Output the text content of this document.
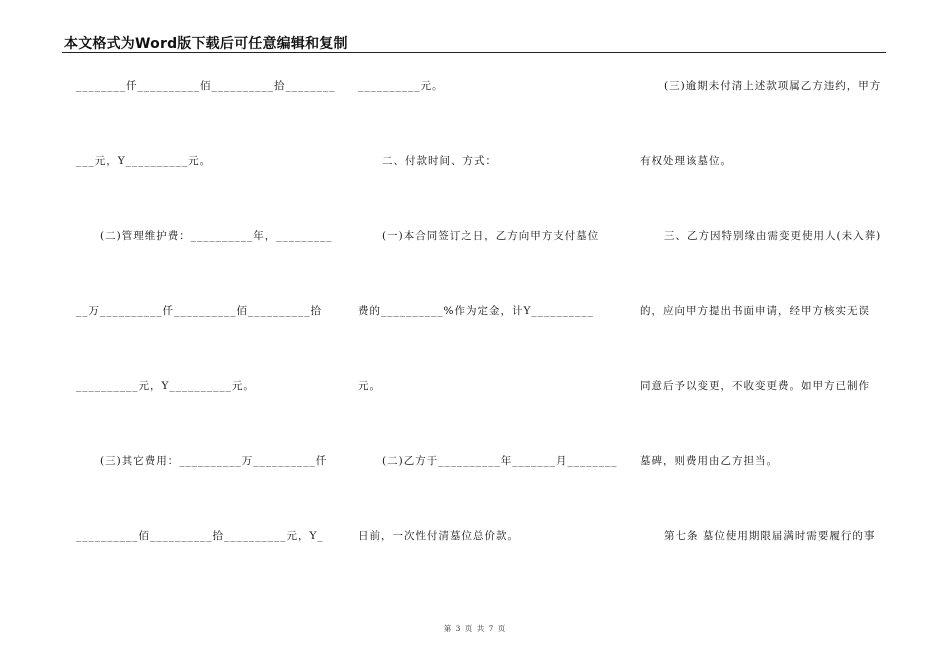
本文格式为Word版下载后可任意编辑和复制
________仟__________佰__________拾________
___元，Y__________元。
(二)管理维护费：__________年，_________
__万__________仟__________佰__________拾
__________元，Y__________元。
(三)其它费用：__________万__________仟
__________佰__________拾__________元，Y_
__________元。
二、付款时间、方式：
(一)本合同签订之日，乙方向甲方支付墓位
费的__________%作为定金，计Y__________
元。
(二)乙方于__________年_______月________
日前，一次性付清墓位总价款。
(三)逾期未付清上述款项属乙方违约，甲方
有权处理该墓位。
三、乙方因特别缘由需变更使用人(未入葬)
的，应向甲方提出书面申请，经甲方核实无误
同意后予以变更，不收变更费。如甲方已制作
墓碑，则费用由乙方担当。
第七条 墓位使用期限届满时需要履行的事
第 3 页 共 7 页
